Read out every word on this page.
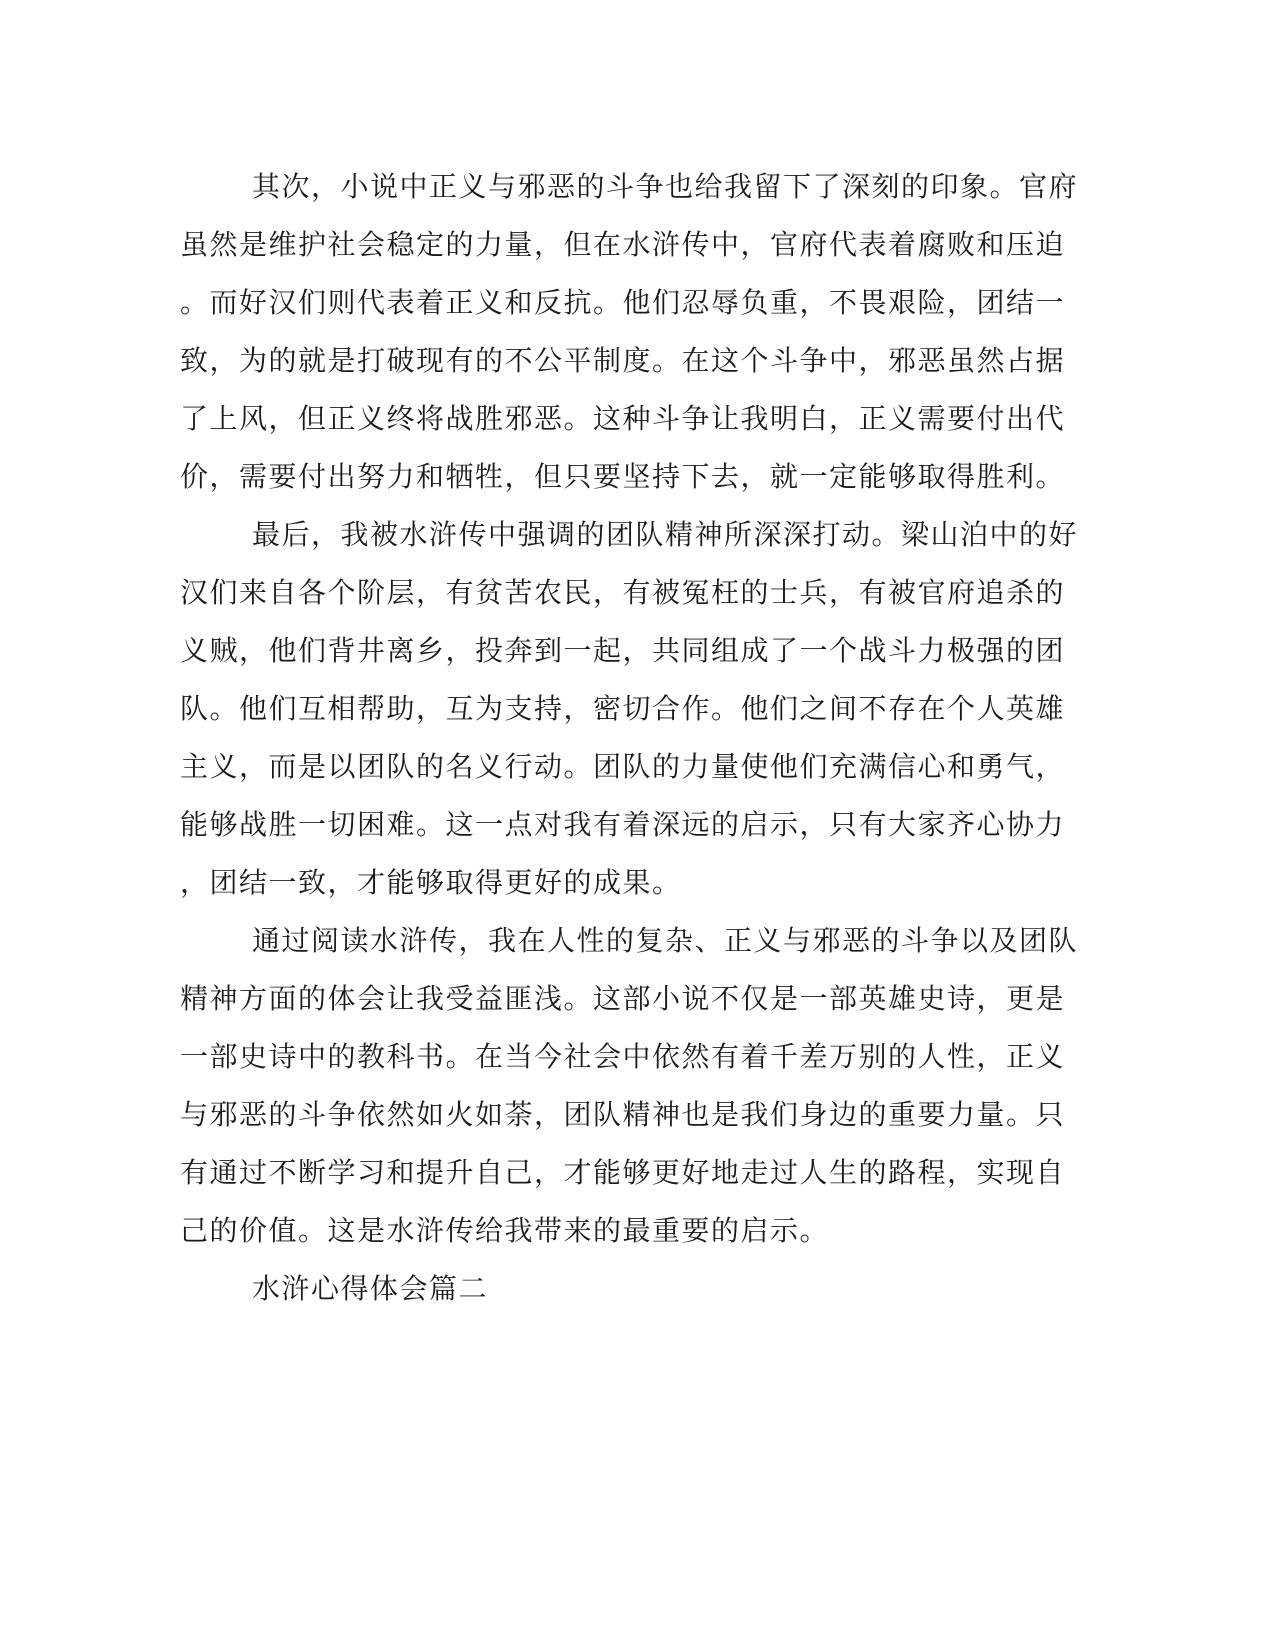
其次，小说中正义与邪恶的斗争也给我留下了深刻的印象。官府
虽然是维护社会稳定的力量，但在水浒传中，官府代表着腐败和压迫
。而好汉们则代表着正义和反抗。他们忍辱负重，不畏艰险，团结一
致，为的就是打破现有的不公平制度。在这个斗争中，邪恶虽然占据
了上风，但正义终将战胜邪恶。这种斗争让我明白，正义需要付出代
价，需要付出努力和牺牲，但只要坚持下去，就一定能够取得胜利。
最后，我被水浒传中强调的团队精神所深深打动。梁山泊中的好
汉们来自各个阶层，有贫苦农民，有被冤枉的士兵，有被官府追杀的
义贼，他们背井离乡，投奔到一起，共同组成了一个战斗力极强的团
队。他们互相帮助，互为支持，密切合作。他们之间不存在个人英雄
主义，而是以团队的名义行动。团队的力量使他们充满信心和勇气，
能够战胜一切困难。这一点对我有着深远的启示，只有大家齐心协力
，团结一致，才能够取得更好的成果。
通过阅读水浒传，我在人性的复杂、正义与邪恶的斗争以及团队
精神方面的体会让我受益匪浅。这部小说不仅是一部英雄史诗，更是
一部史诗中的教科书。在当今社会中依然有着千差万别的人性，正义
与邪恶的斗争依然如火如荼，团队精神也是我们身边的重要力量。只
有通过不断学习和提升自己，才能够更好地走过人生的路程，实现自
己的价值。这是水浒传给我带来的最重要的启示。
水浒心得体会篇二
